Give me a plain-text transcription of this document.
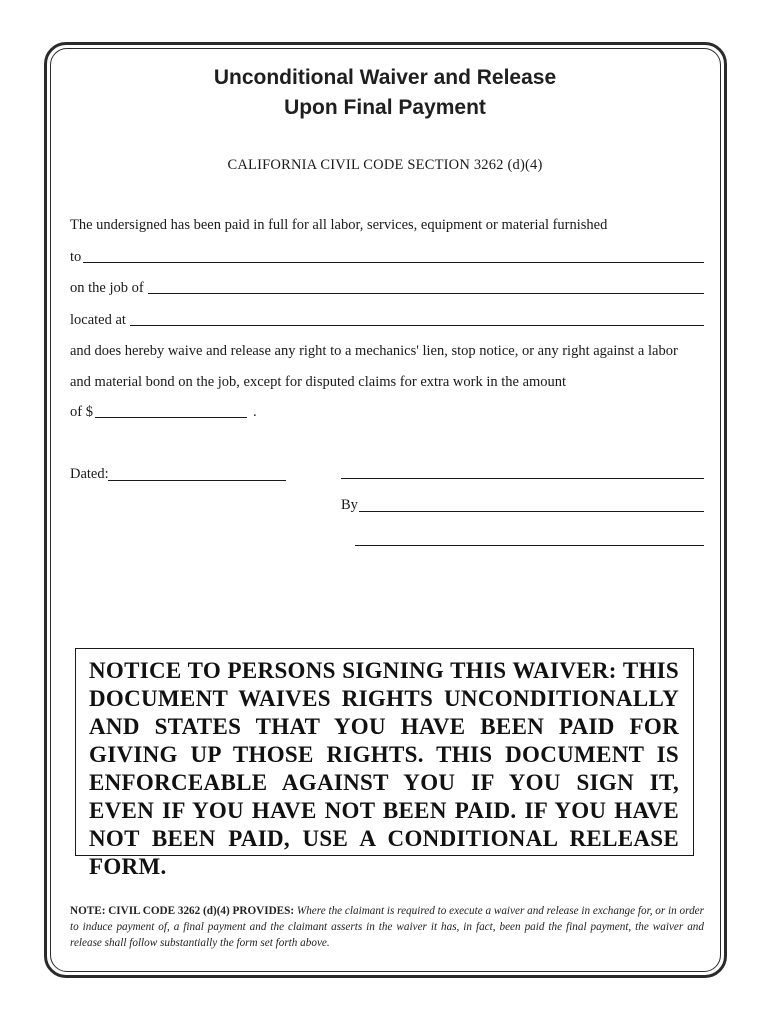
Unconditional Waiver and Release
Upon Final Payment
CALIFORNIA CIVIL CODE SECTION 3262 (d)(4)
The undersigned has been paid in full for all labor, services, equipment or material furnished
to
on the job of
located at
and does hereby waive and release any right to a mechanics' lien, stop notice, or any right against a labor
and material bond on the job, except for disputed claims for extra work in the amount
of $	.
Dated:
By
NOTICE TO PERSONS SIGNING THIS WAIVER: THIS DOCUMENT WAIVES RIGHTS UNCONDITIONALLY AND STATES THAT YOU HAVE BEEN PAID FOR GIVING UP THOSE RIGHTS. THIS DOCUMENT IS ENFORCEABLE AGAINST YOU IF YOU SIGN IT, EVEN IF YOU HAVE NOT BEEN PAID. IF YOU HAVE NOT BEEN PAID, USE A CONDITIONAL RELEASE FORM.
NOTE: CIVIL CODE 3262 (d)(4) PROVIDES: Where the claimant is required to execute a waiver and release in exchange for, or in order to induce payment of, a final payment and the claimant asserts in the waiver it has, in fact, been paid the final payment, the waiver and release shall follow substantially the form set forth above.
